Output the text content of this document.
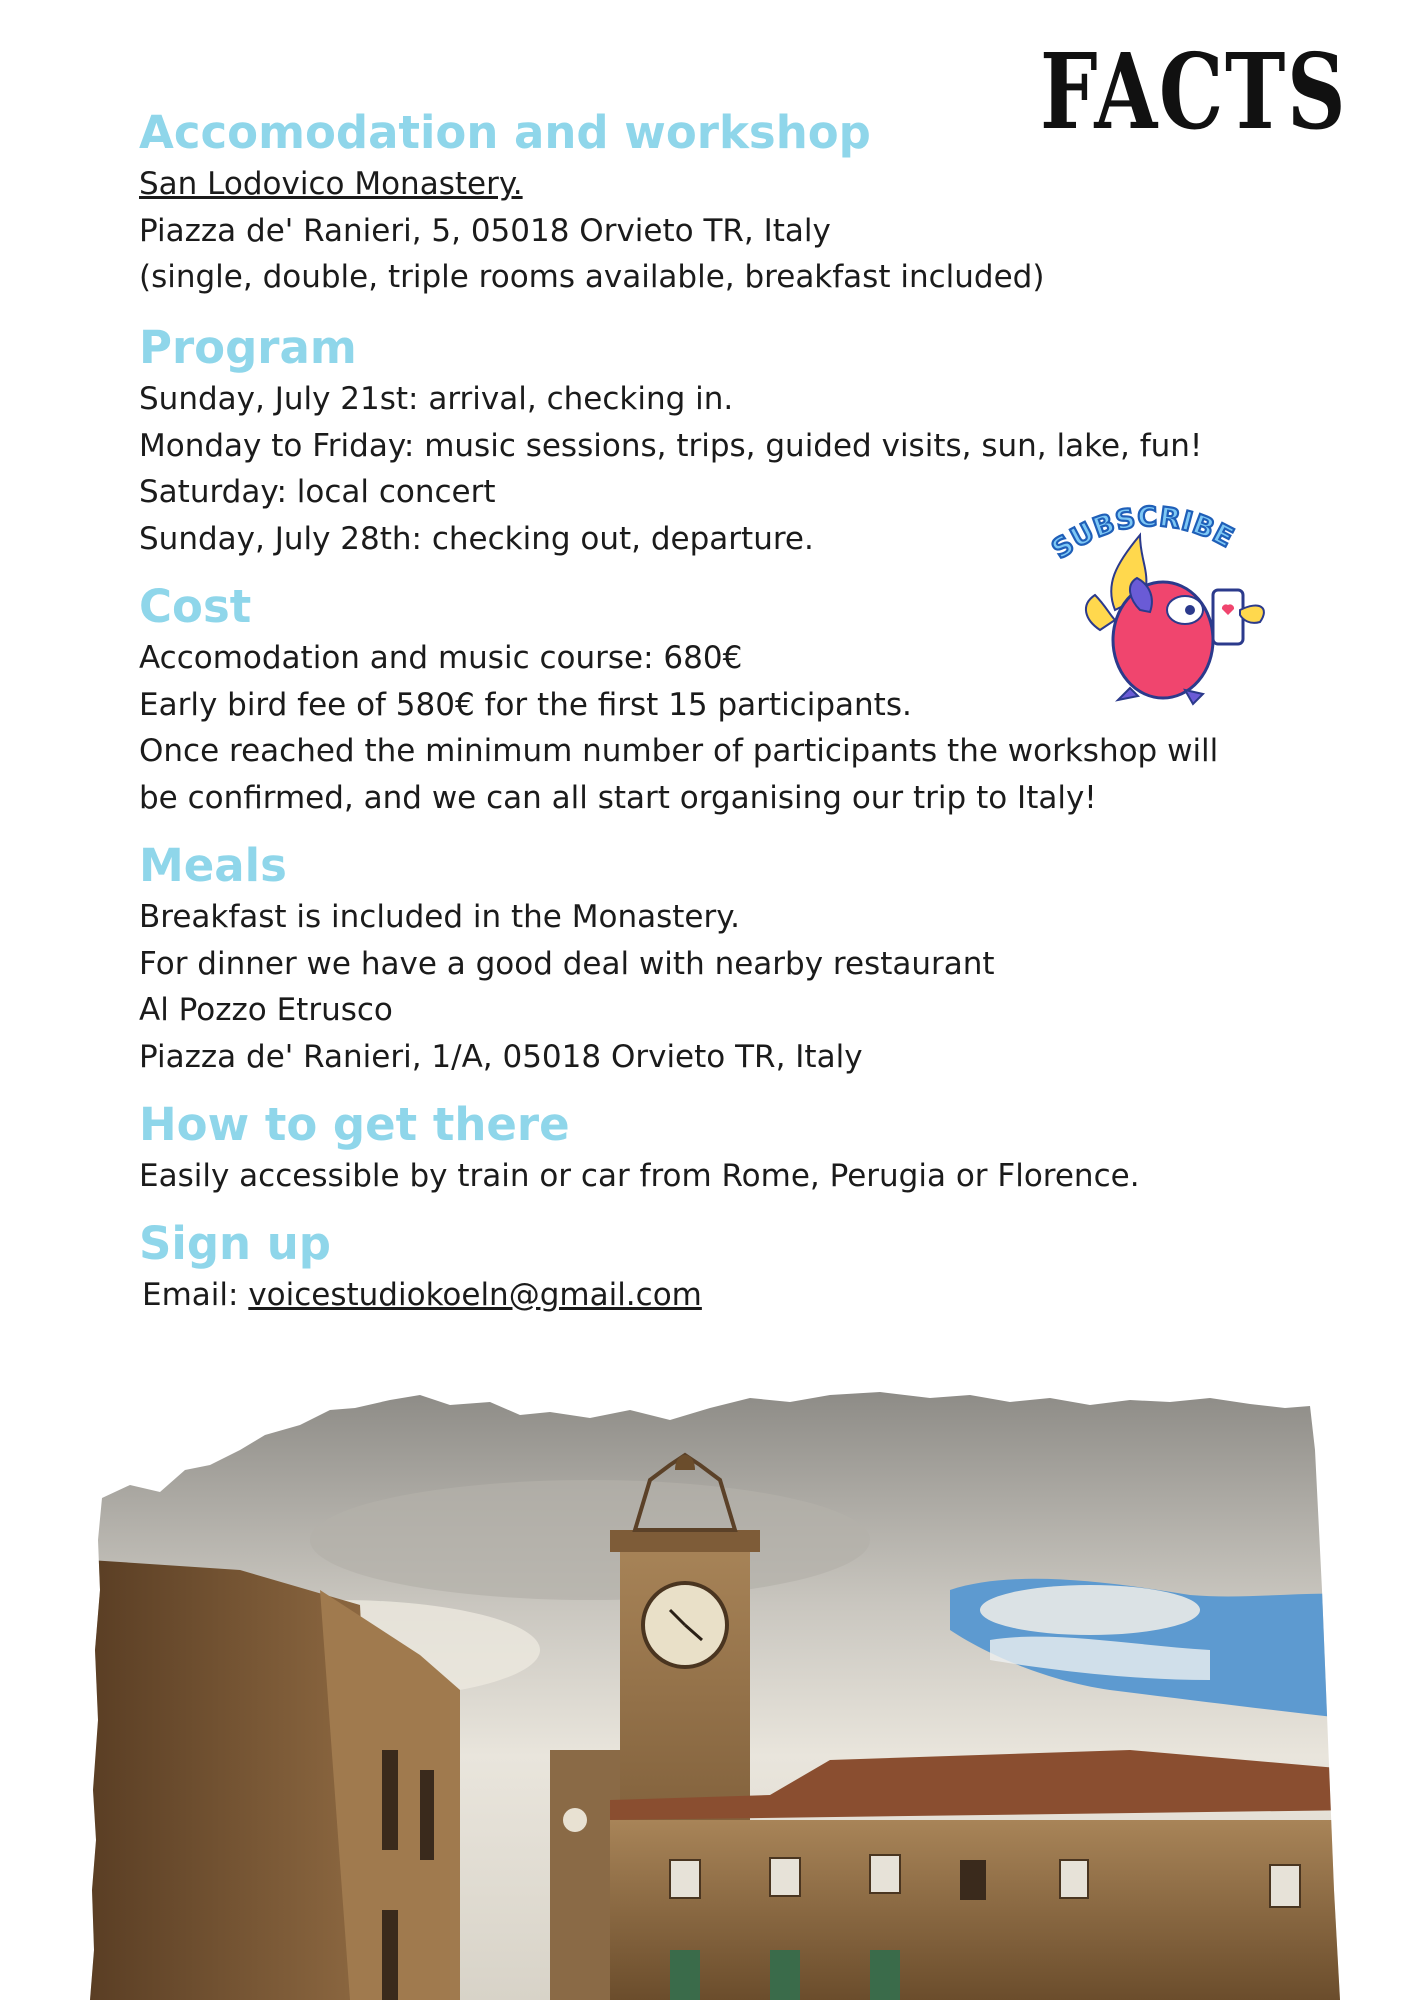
FACTS

Accomodation and workshop

San Lodovico Monastery.

Piazza de' Ranieri, 5, 05018 Orvieto TR, Italy

(single, double, triple rooms available, breakfast included)

Program

Sunday, July 21st: arrival, checking in.

Monday to Friday: music sessions, trips, guided visits, sun, lake, fun!

Saturday: local concert

Sunday, July 28th: checking out, departure.

Cost

Accomodation and music course: 680€

Early bird fee of 580€ for the first 15 participants.

Once reached the minimum number of participants the workshop will

be confirmed, and we can all start organising our trip to Italy!

Meals

Breakfast is included in the Monastery.

For dinner we have a good deal with nearby restaurant

Al Pozzo Etrusco

Piazza de' Ranieri, 1/A, 05018 Orvieto TR, Italy

How to get there

Easily accessible by train or car from Rome, Perugia or Florence.

Sign up

Email: voicestudiokoeln@gmail.com
SUBSCRIBE
